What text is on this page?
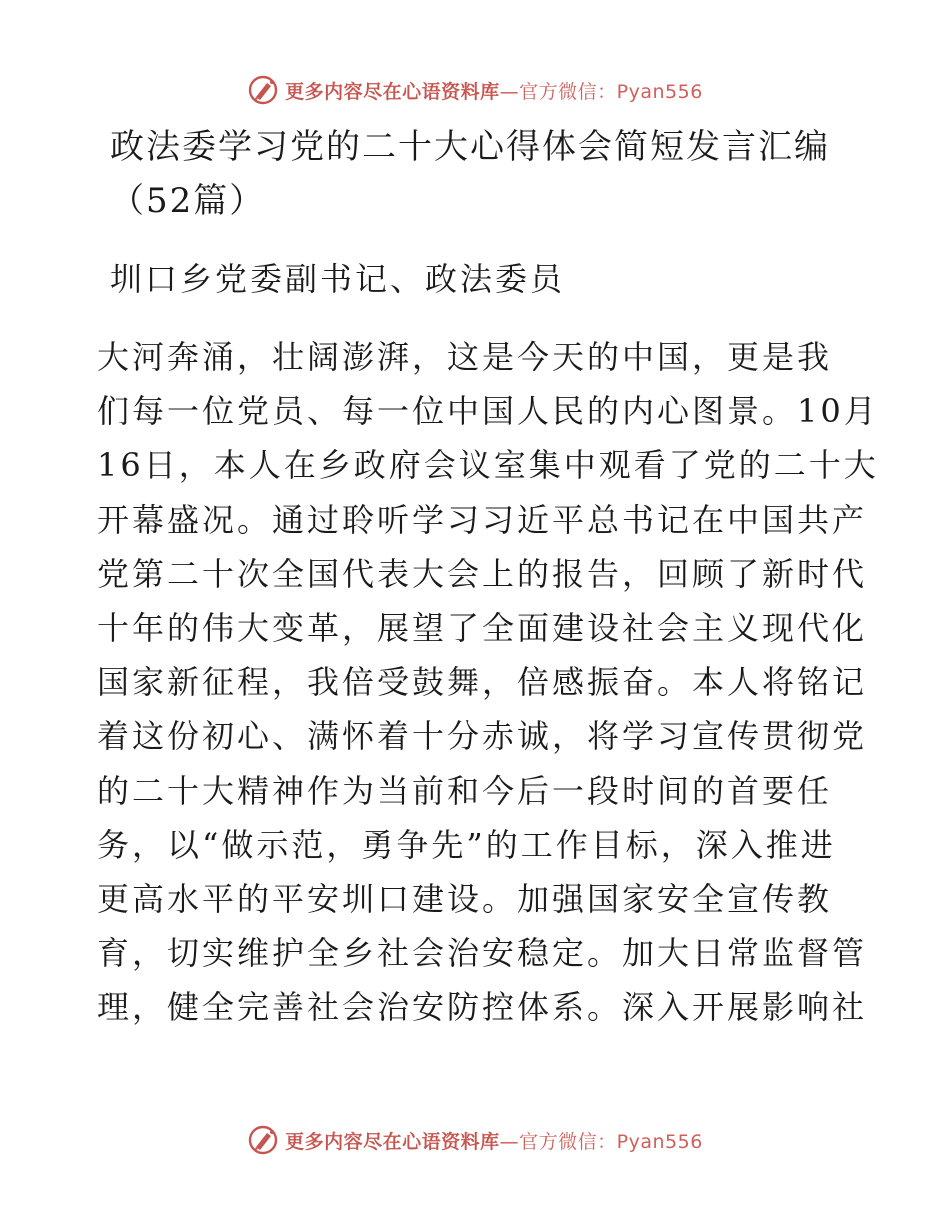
更多内容尽在心语资料库—官方微信：Pyan556
政法委学习党的二十大心得体会简短发言汇编
（52篇）

圳口乡党委副书记、政法委员

大河奔涌，壮阔澎湃，这是今天的中国，更是我
们每一位党员、每一位中国人民的内心图景。10月
16日，本人在乡政府会议室集中观看了党的二十大
开幕盛况。通过聆听学习习近平总书记在中国共产
党第二十次全国代表大会上的报告，回顾了新时代
十年的伟大变革，展望了全面建设社会主义现代化
国家新征程，我倍受鼓舞，倍感振奋。本人将铭记
着这份初心、满怀着十分赤诚，将学习宣传贯彻党
的二十大精神作为当前和今后一段时间的首要任
务，以“做示范，勇争先”的工作目标，深入推进
更高水平的平安圳口建设。加强国家安全宣传教
育，切实维护全乡社会治安稳定。加大日常监督管
理，健全完善社会治安防控体系。深入开展影响社
更多内容尽在心语资料库—官方微信：Pyan556
